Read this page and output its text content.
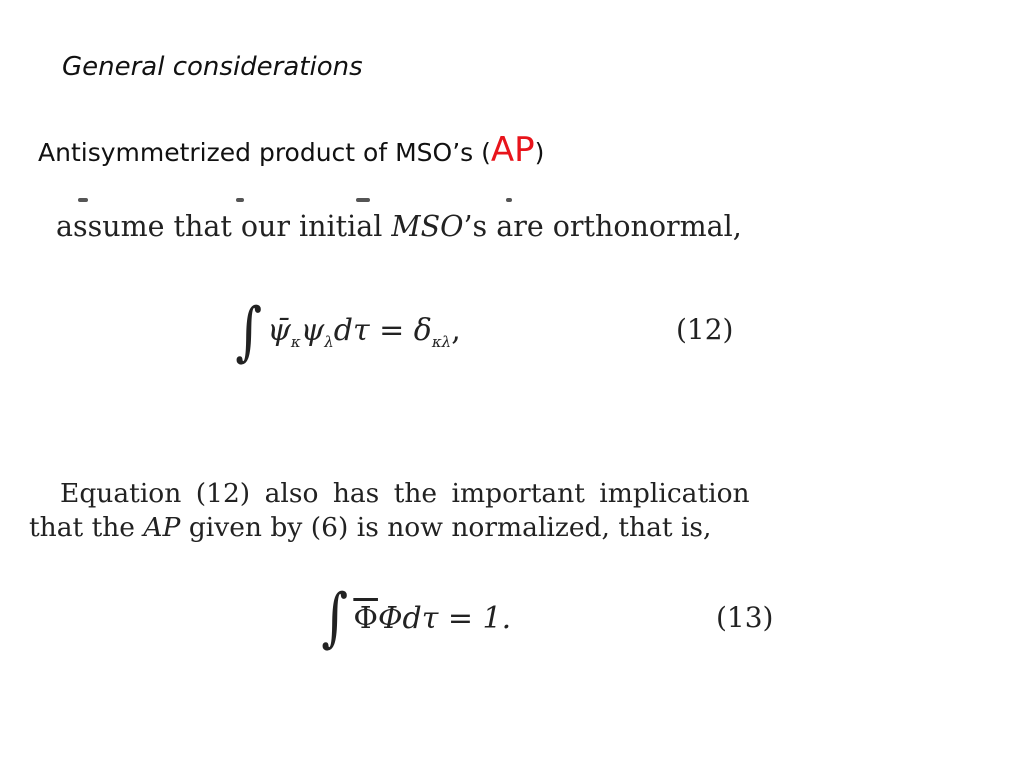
General considerations
Antisymmetrized product of MSO’s (AP)
assume that our initial MSO’s are orthonormal,
∫ $\psī_\kappa\psi_\lambda d\tau = \delta_{\kappa\lambda}$,	(12)
Equation (12) also has the important implication
that the AP given by (6) is now normalized, that is,
∫ $\overline{\Phi}\Phi d\tau = 1$.	(13)
